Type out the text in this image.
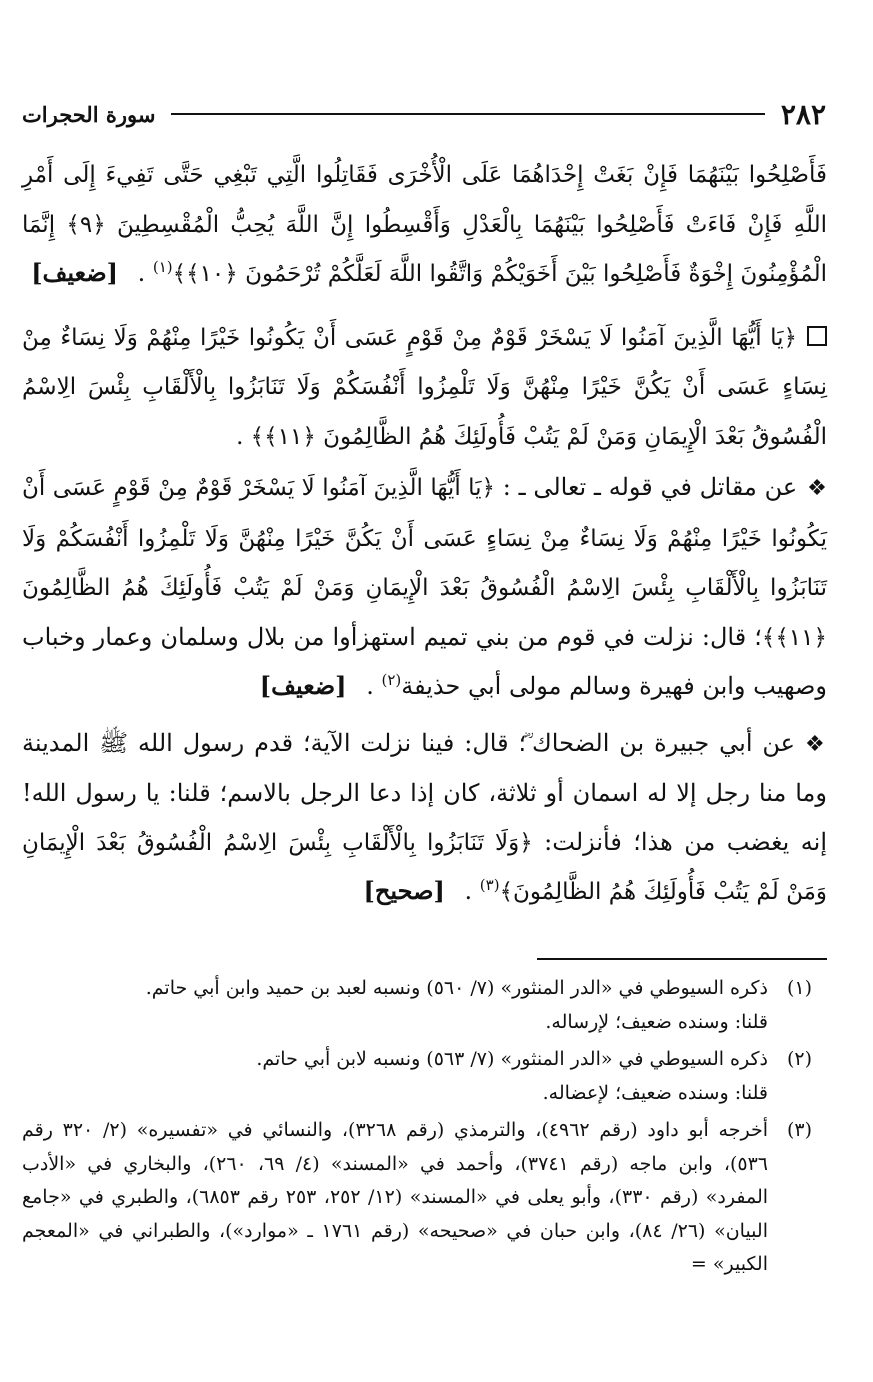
٢٨٢
سورة الحجرات

فَأَصْلِحُوا بَيْنَهُمَا فَإِنْ بَغَتْ إِحْدَاهُمَا عَلَى الْأُخْرَى فَقَاتِلُوا الَّتِي تَبْغِي حَتَّى تَفِيءَ إِلَى أَمْرِ اللَّهِ فَإِنْ فَاءَتْ فَأَصْلِحُوا بَيْنَهُمَا بِالْعَدْلِ وَأَقْسِطُوا إِنَّ اللَّهَ يُحِبُّ الْمُقْسِطِينَ ﴿٩﴾ إِنَّمَا الْمُؤْمِنُونَ إِخْوَةٌ فَأَصْلِحُوا بَيْنَ أَخَوَيْكُمْ وَاتَّقُوا اللَّهَ لَعَلَّكُمْ تُرْحَمُونَ ﴿١٠﴾﴾$^{(١)}$ . [ضعيف]

﴿يَا أَيُّهَا الَّذِينَ آمَنُوا لَا يَسْخَرْ قَوْمٌ مِنْ قَوْمٍ عَسَى أَنْ يَكُونُوا خَيْرًا مِنْهُمْ وَلَا نِسَاءٌ مِنْ نِسَاءٍ عَسَى أَنْ يَكُنَّ خَيْرًا مِنْهُنَّ وَلَا تَلْمِزُوا أَنْفُسَكُمْ وَلَا تَنَابَزُوا بِالْأَلْقَابِ بِئْسَ الِاسْمُ الْفُسُوقُ بَعْدَ الْإِيمَانِ وَمَنْ لَمْ يَتُبْ فَأُولَئِكَ هُمُ الظَّالِمُونَ ﴿١١﴾﴾ .

❖عن مقاتل في قوله ـ تعالى ـ : ﴿يَا أَيُّهَا الَّذِينَ آمَنُوا لَا يَسْخَرْ قَوْمٌ مِنْ قَوْمٍ عَسَى أَنْ يَكُونُوا خَيْرًا مِنْهُمْ وَلَا نِسَاءٌ مِنْ نِسَاءٍ عَسَى أَنْ يَكُنَّ خَيْرًا مِنْهُنَّ وَلَا تَلْمِزُوا أَنْفُسَكُمْ وَلَا تَنَابَزُوا بِالْأَلْقَابِ بِئْسَ الِاسْمُ الْفُسُوقُ بَعْدَ الْإِيمَانِ وَمَنْ لَمْ يَتُبْ فَأُولَئِكَ هُمُ الظَّالِمُونَ ﴿١١﴾﴾؛ قال: نزلت في قوم من بني تميم استهزأوا من بلال وسلمان وعمار وخباب وصهيب وابن فهيرة وسالم مولى أبي حذيفة$^{(٢)}$ . [ضعيف]

❖عن أبي جبيرة بن الضحاك ؓ؛ قال: فينا نزلت الآية؛ قدم رسول الله ﷺ المدينة وما منا رجل إلا له اسمان أو ثلاثة، كان إذا دعا الرجل بالاسم؛ قلنا: يا رسول الله! إنه يغضب من هذا؛ فأنزلت: ﴿وَلَا تَنَابَزُوا بِالْأَلْقَابِ بِئْسَ الِاسْمُ الْفُسُوقُ بَعْدَ الْإِيمَانِ وَمَنْ لَمْ يَتُبْ فَأُولَئِكَ هُمُ الظَّالِمُونَ﴾$^{(٣)}$ . [صحيح]

(١)
ذكره السيوطي في «الدر المنثور» (٧/ ٥٦٠) ونسبه لعبد بن حميد وابن أبي حاتم.
قلنا: وسنده ضعيف؛ لإرساله.
(٢)
ذكره السيوطي في «الدر المنثور» (٧/ ٥٦٣) ونسبه لابن أبي حاتم.
قلنا: وسنده ضعيف؛ لإعضاله.
(٣)
أخرجه أبو داود (رقم ٤٩٦٢)، والترمذي (رقم ٣٢٦٨)، والنسائي في «تفسيره» (٢/ ٣٢٠ رقم ٥٣٦)، وابن ماجه (رقم ٣٧٤١)، وأحمد في «المسند» (٤/ ٦٩، ٢٦٠)، والبخاري في «الأدب المفرد» (رقم ٣٣٠)، وأبو يعلى في «المسند» (١٢/ ٢٥٢، ٢٥٣ رقم ٦٨٥٣)، والطبري في «جامع البيان» (٢٦/ ٨٤)، وابن حبان في «صحيحه» (رقم ١٧٦١ ـ «موارد»)، والطبراني في «المعجم الكبير» =
